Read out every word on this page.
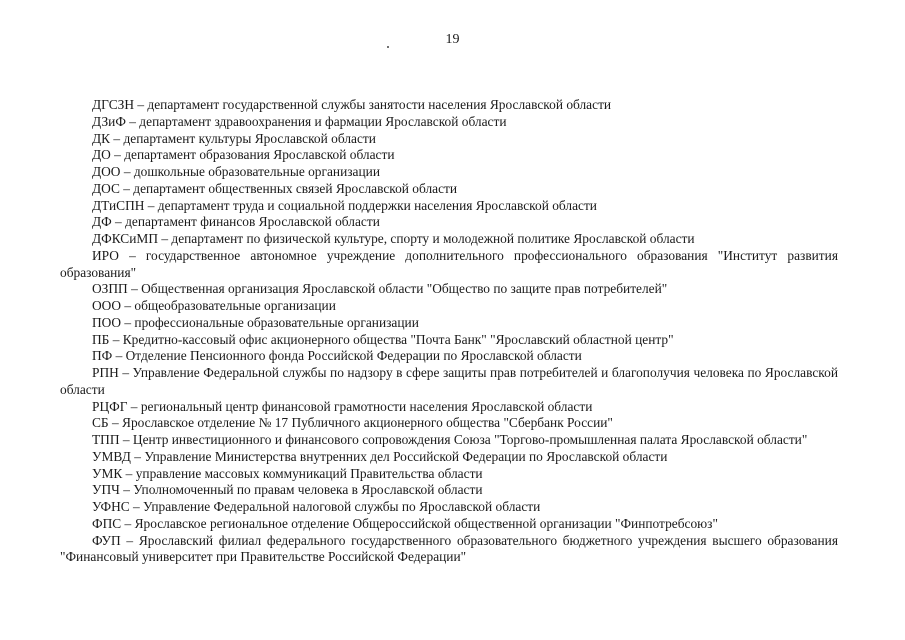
19

ДГСЗН – департамент государственной службы занятости населения Ярославской области

ДЗиФ – департамент здравоохранения и фармации Ярославской области

ДК – департамент культуры Ярославской области

ДО – департамент образования Ярославской области

ДОО – дошкольные образовательные организации

ДОС – департамент общественных связей Ярославской области

ДТиСПН – департамент труда и социальной поддержки населения Ярославской области

ДФ – департамент финансов Ярославской области

ДФКСиМП – департамент по физической культуре, спорту и молодежной политике Ярославской области

ИРО – государственное автономное учреждение дополнительного профессионального образования "Институт развития образования"

ОЗПП – Общественная организация Ярославской области "Общество по защите прав потребителей"

ООО – общеобразовательные организации

ПОО – профессиональные образовательные организации

ПБ – Кредитно-кассовый офис акционерного общества "Почта Банк" "Ярославский областной центр"

ПФ – Отделение Пенсионного фонда Российской Федерации по Ярославской области

РПН – Управление Федеральной службы по надзору в сфере защиты прав потребителей и благополучия человека по Ярославской области

РЦФГ – региональный центр финансовой грамотности населения Ярославской области

СБ – Ярославское отделение № 17 Публичного акционерного общества "Сбербанк России"

ТПП – Центр инвестиционного и финансового сопровождения Союза "Торгово-промышленная палата Ярославской области"

УМВД – Управление Министерства внутренних дел Российской Федерации по Ярославской области

УМК – управление массовых коммуникаций Правительства области

УПЧ – Уполномоченный по правам человека в Ярославской области

УФНС – Управление Федеральной налоговой службы по Ярославской области

ФПС – Ярославское региональное отделение Общероссийской общественной организации "Финпотребсоюз"

ФУП – Ярославский филиал федерального государственного образовательного бюджетного учреждения высшего образования "Финансовый университет при Правительстве Российской Федерации"
